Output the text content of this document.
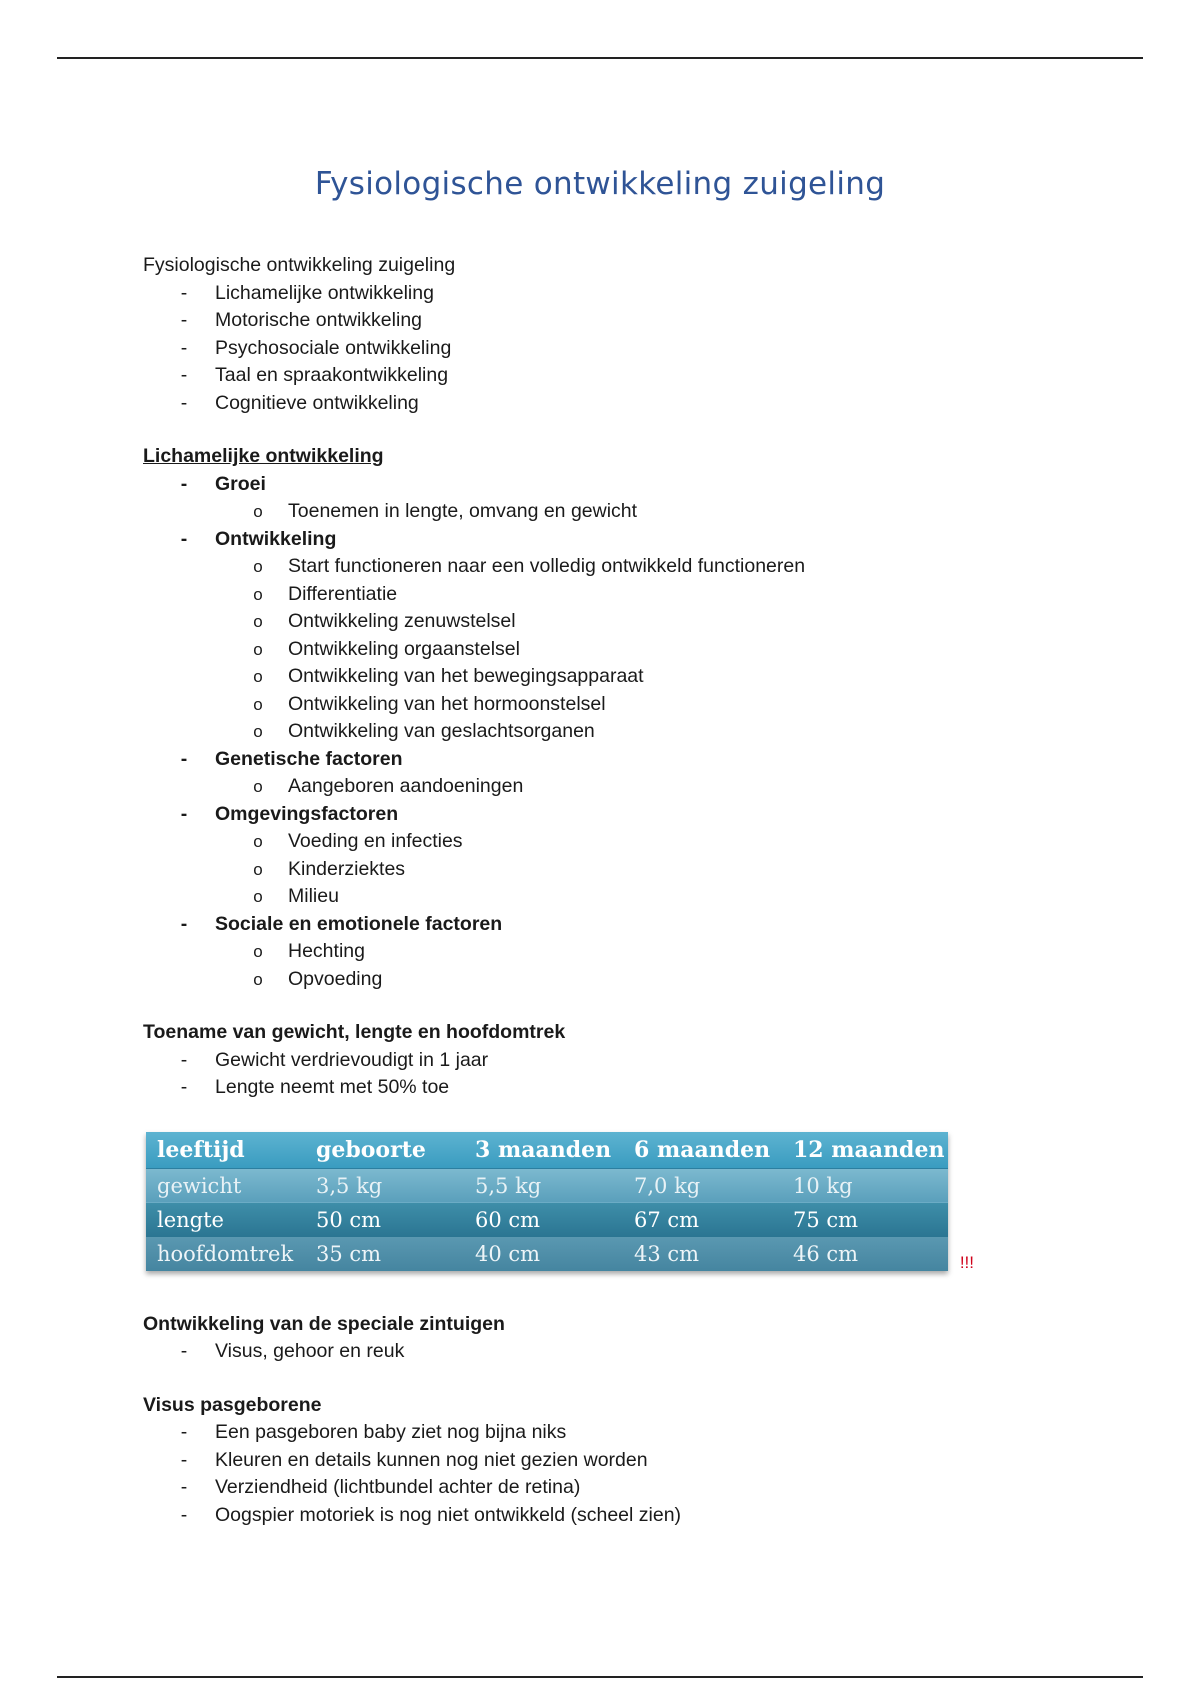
Fysiologische ontwikkeling zuigeling
Fysiologische ontwikkeling zuigeling
- Lichamelijke ontwikkeling
- Motorische ontwikkeling
- Psychosociale ontwikkeling
- Taal en spraakontwikkeling
- Cognitieve ontwikkeling
Lichamelijke ontwikkeling
- Groei
o Toenemen in lengte, omvang en gewicht
- Ontwikkeling
o Start functioneren naar een volledig ontwikkeld functioneren
o Differentiatie
o Ontwikkeling zenuwstelsel
o Ontwikkeling orgaanstelsel
o Ontwikkeling van het bewegingsapparaat
o Ontwikkeling van het hormoonstelsel
o Ontwikkeling van geslachtsorganen
- Genetische factoren
o Aangeboren aandoeningen
- Omgevingsfactoren
o Voeding en infecties
o Kinderziektes
o Milieu
- Sociale en emotionele factoren
o Hechting
o Opvoeding
Toename van gewicht, lengte en hoofdomtrek
- Gewicht verdrievoudigt in 1 jaar
- Lengte neemt met 50% toe
leeftijd	geboorte	3 maanden	6 maanden	12 maanden
gewicht	3,5 kg	5,5 kg	7,0 kg	10 kg
lengte	50 cm	60 cm	67 cm	75 cm
hoofdomtrek	35 cm	40 cm	43 cm	46 cm	!!!
Ontwikkeling van de speciale zintuigen
- Visus, gehoor en reuk
Visus pasgeborene
- Een pasgeboren baby ziet nog bijna niks
- Kleuren en details kunnen nog niet gezien worden
- Verziendheid (lichtbundel achter de retina)
- Oogspier motoriek is nog niet ontwikkeld (scheel zien)
